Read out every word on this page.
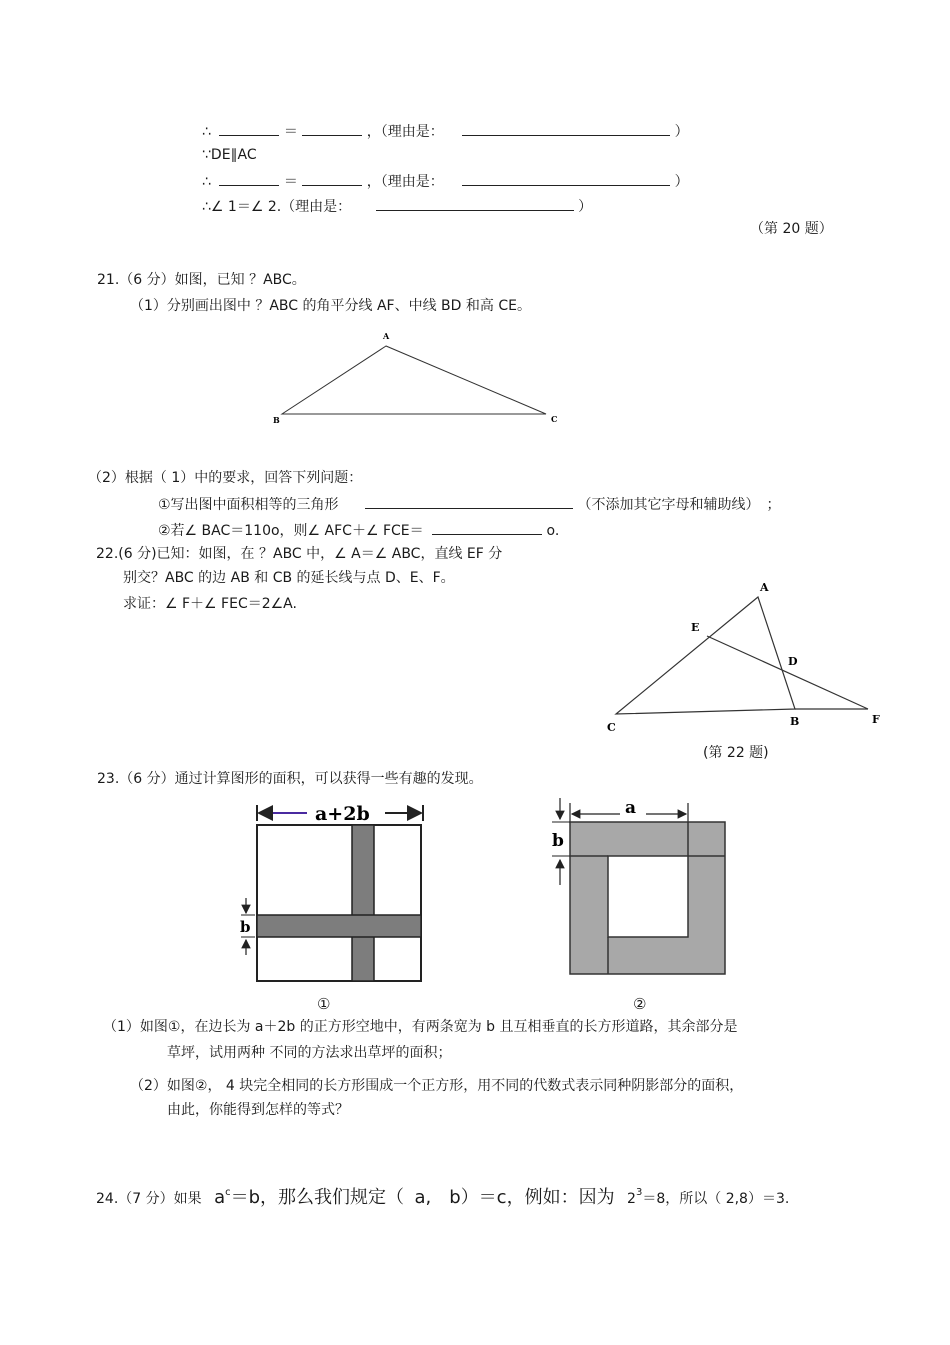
∴	＝	，（理由是：	）
∵DE∥AC
∴	＝	，（理由是：	）
∴∠ 1＝∠ 2.（理由是：	）
（第 20 题）
21.（6 分）如图，已知 ？ABC。
（1）分别画出图中 ？ABC 的角平分线 AF、中线 BD 和高 CE。
A
B	C
（2）根据（ 1）中的要求，回答下列问题：
①写出图中面积相等的三角形	（不添加其它字母和辅助线）　；
②若∠ BAC＝110o，则∠ AFC＋∠ FCE＝	o.
22.(6 分)已知：如图，在 ？ABC 中，∠ A＝∠ ABC，直线 EF 分
别交？ABC 的边 AB 和 CB 的延长线与点 D、E、F。
求证：∠ F＋∠ FEC＝2∠A.
A
E
D
C	B	F
(第 22 题)
23.（6 分）通过计算图形的面积，可以获得一些有趣的发现。
a+2b
b
①
a
b
②
（1）如图①，在边长为 a＋2b 的正方形空地中，有两条宽为 b 且互相垂直的长方形道路，其余部分是
草坪，试用两种 不同的方法求出草坪的面积；
（2）如图②， 4 块完全相同的长方形围成一个正方形，用不同的代数式表示同种阴影部分的面积，
由此，你能得到怎样的等式？
24.（7 分）如果 $a^c=b$，那么我们规定（ a,　b）＝c，例如：因为 $2^3=8$，所以（ 2,8）＝3.
